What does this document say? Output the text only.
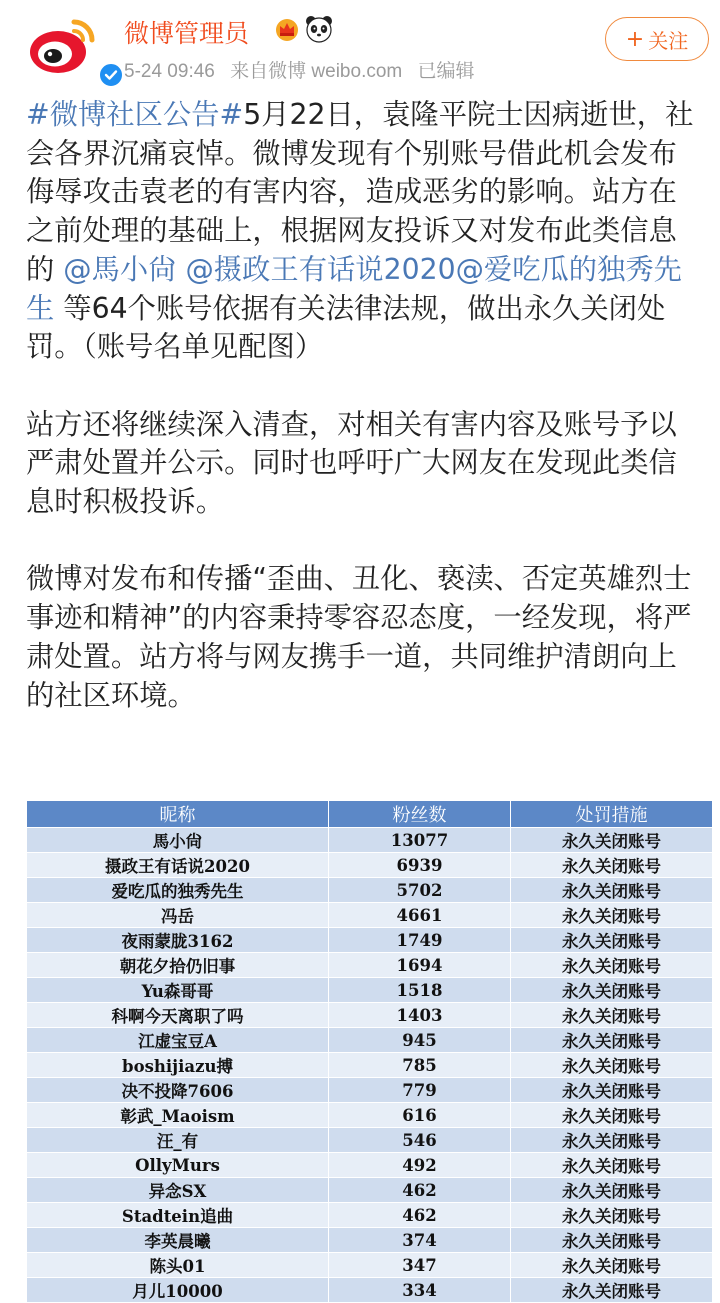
微博管理员
5-24 09:46 来自微博 weibo.com 已编辑
+ 关注

#微博社区公告#5月22日，袁隆平院士因病逝世，社会各界沉痛哀悼。微博发现有个别账号借此机会发布侮辱攻击袁老的有害内容，造成恶劣的影响。站方在之前处理的基础上，根据网友投诉又对发布此类信息的 @馬小尙 @摄政王有话说2020@爱吃瓜的独秀先生 等64个账号依据有关法律法规，做出永久关闭处罚。（账号名单见配图）

站方还将继续深入清查，对相关有害内容及账号予以严肃处置并公示。同时也呼吁广大网友在发现此类信息时积极投诉。

微博对发布和传播“歪曲、丑化、亵渎、否定英雄烈士事迹和精神”的内容秉持零容忍态度，一经发现，将严肃处置。站方将与网友携手一道，共同维护清朗向上的社区环境。

昵称	粉丝数	处罚措施
馬小尙	13077	永久关闭账号
摄政王有话说2020	6939	永久关闭账号
爱吃瓜的独秀先生	5702	永久关闭账号
冯岳	4661	永久关闭账号
夜雨蒙胧3162	1749	永久关闭账号
朝花夕拾仍旧事	1694	永久关闭账号
Yu森哥哥	1518	永久关闭账号
科啊今天离职了吗	1403	永久关闭账号
江虚宝豆A	945	永久关闭账号
boshijiazu搏	785	永久关闭账号
决不投降7606	779	永久关闭账号
彰武_Maoism	616	永久关闭账号
汪_有	546	永久关闭账号
OllyMurs	492	永久关闭账号
异念SX	462	永久关闭账号
Stadtein追曲	462	永久关闭账号
李英晨曦	374	永久关闭账号
陈头01	347	永久关闭账号
月儿10000	334	永久关闭账号
